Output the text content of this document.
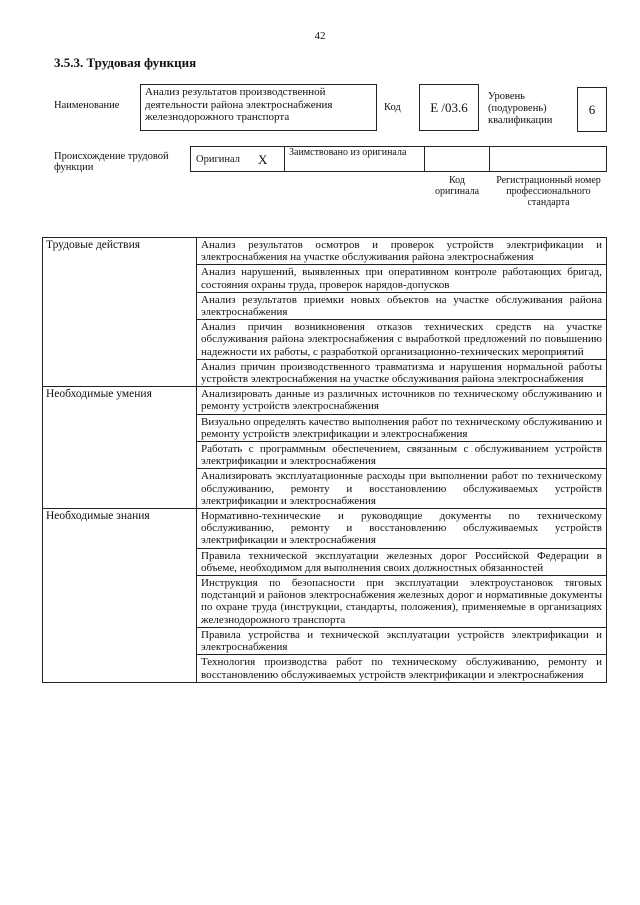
42
3.5.3. Трудовая функция
Наименование
Анализ результатов производственной деятельности района электроснабжения железнодорожного транспорта
Код Е /03.6
Уровень (подуровень) квалификации
6
Происхождение трудовой функции
Оригинал X Заимствовано из оригинала
Код оригинала
Регистрационный номер профессионального стандарта
Трудовые действия	Анализ результатов осмотров и проверок устройств электрификации и электроснабжения на участке обслуживания района электроснабжения
	Анализ нарушений, выявленных при оперативном контроле работающих бригад, состояния охраны труда, проверок нарядов-допусков
	Анализ результатов приемки новых объектов на участке обслуживания района электроснабжения
	Анализ причин возникновения отказов технических средств на участке обслуживания района электроснабжения с выработкой предложений по повышению надежности их работы, с разработкой организационно-технических мероприятий
	Анализ причин производственного травматизма и нарушения нормальной работы устройств электроснабжения на участке обслуживания района электроснабжения
Необходимые умения	Анализировать данные из различных источников по техническому обслуживанию и ремонту устройств электроснабжения
	Визуально определять качество выполнения работ по техническому обслуживанию и ремонту устройств электрификации и электроснабжения
	Работать с программным обеспечением, связанным с обслуживанием устройств электрификации и электроснабжения
	Анализировать эксплуатационные расходы при выполнении работ по техническому обслуживанию, ремонту и восстановлению обслуживаемых устройств электрификации и электроснабжения
Необходимые знания	Нормативно-технические и руководящие документы по техническому обслуживанию, ремонту и восстановлению обслуживаемых устройств электрификации и электроснабжения
	Правила технической эксплуатации железных дорог Российской Федерации в объеме, необходимом для выполнения своих должностных обязанностей
	Инструкция по безопасности при эксплуатации электроустановок тяговых подстанций и районов электроснабжения железных дорог и нормативные документы по охране труда (инструкции, стандарты, положения), применяемые в организациях железнодорожного транспорта
	Правила устройства и технической эксплуатации устройств электрификации и электроснабжения
	Технология производства работ по техническому обслуживанию, ремонту и восстановлению обслуживаемых устройств электрификации и электроснабжения
